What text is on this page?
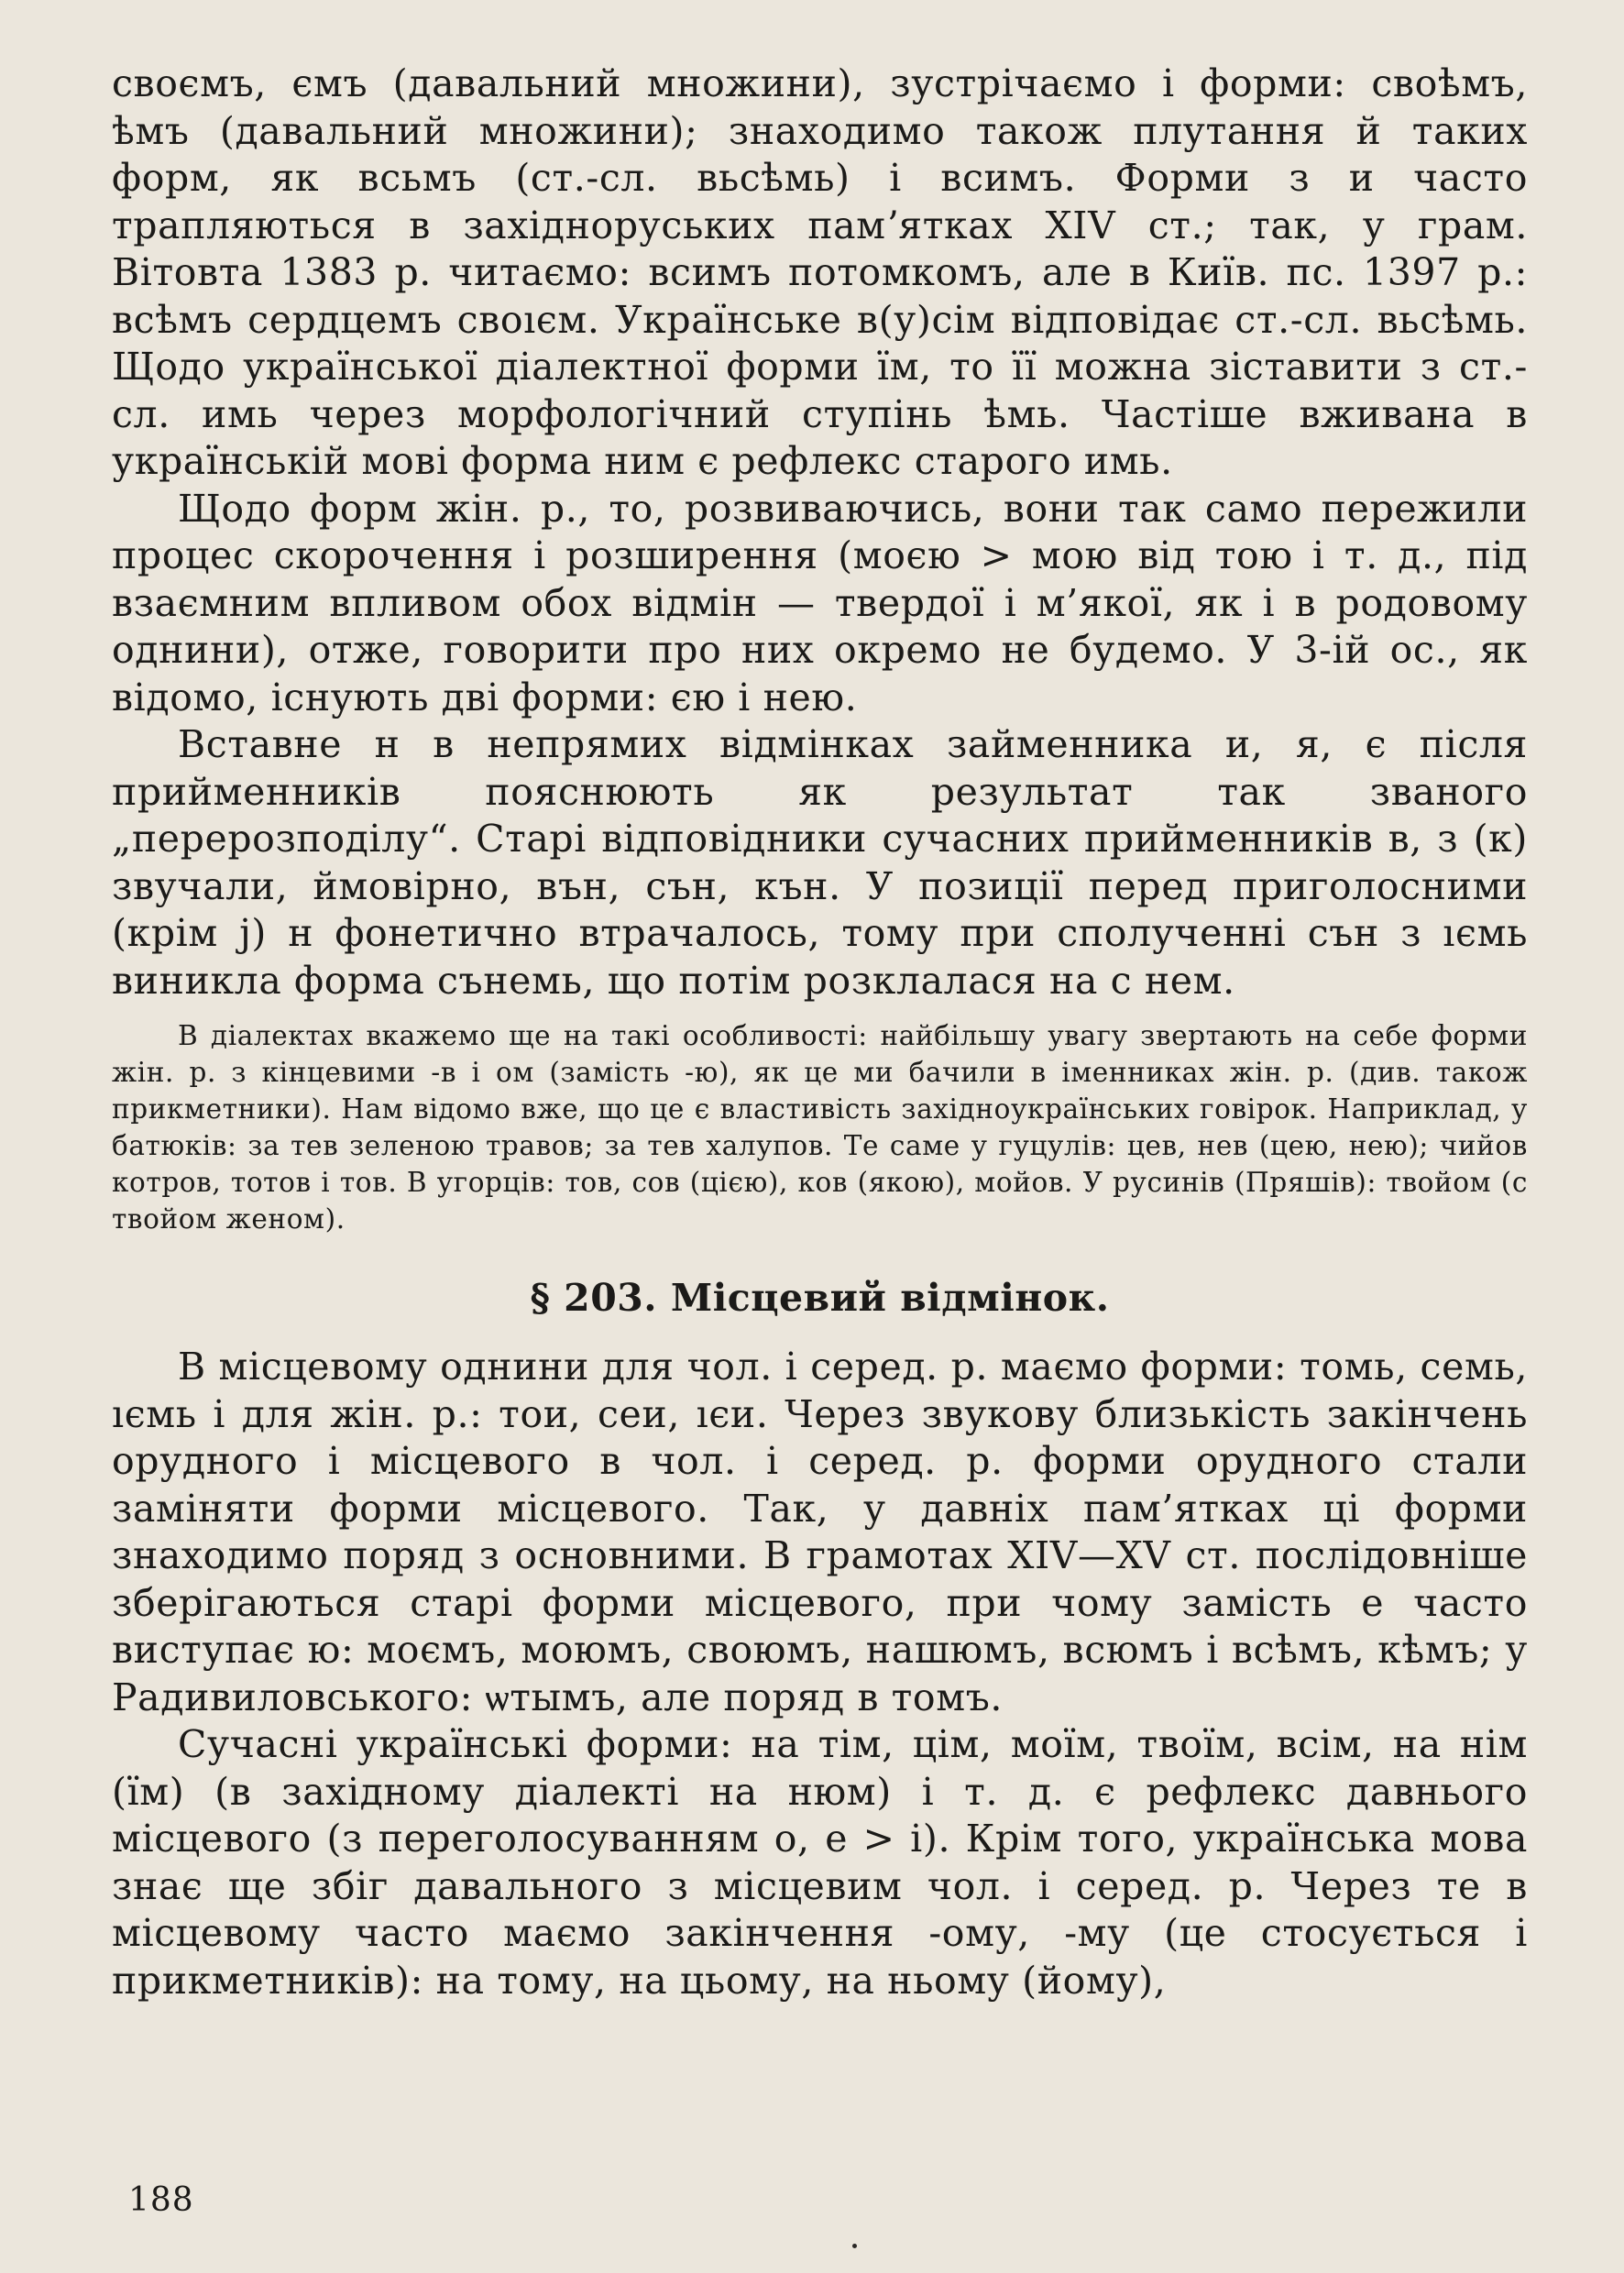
своємъ, ємъ (давальний множини), зустрічаємо і форми: своѣмъ, ѣмъ (давальний множини); знаходимо також плутання й таких форм, як всьмъ (ст.-сл. вьсѣмь) і всимъ. Форми з и часто трапляються в західноруських памʼятках XIV ст.; так, у грам. Вітовта 1383 р. читаємо: всимъ потомкомъ, але в Київ. пс. 1397 р.: всѣмъ сердцемъ своıєм. Українське в(у)сім відповідає ст.-сл. вьсѣмь. Щодо української діалектної форми їм, то її можна зіставити з ст.-сл. имь через морфологічний ступінь ѣмь. Частіше вживана в українській мові форма ним є рефлекс старого имь.

Щодо форм жін. р., то, розвиваючись, вони так само пережили процес скорочення і розширення (моєю > мою від тою і т. д., під взаємним впливом обох відмін — твердої і м’якої, як і в родовому однини), отже, говорити про них окремо не будемо. У 3-ій ос., як відомо, існують дві форми: єю і нею.

Вставне н в непрямих відмінках займенника и, я, є після прийменників пояснюють як результат так званого „перерозподілу“. Старі відповідники сучасних прийменників в, з (к) звучали, ймовірно, вън, сън, кън. У позиції перед приголосними (крім j) н фонетично втрачалось, тому при сполученні сън з ıємь виникла форма сънемь, що потім розклалася на с нем.

В діалектах вкажемо ще на такі особливості: найбільшу увагу звертають на себе форми жін. р. з кінцевими -в і ом (замість -ю), як це ми бачили в іменниках жін. р. (див. також прикметники). Нам відомо вже, що це є властивість західноукраїнських говірок. Наприклад, у батюків: за тев зеленою травов; за тев халупов. Те саме у гуцулів: цев, нев (цею, нею); чийов котров, тотов і тов. В угорців: тов, сов (цією), ков (якою), мойов. У русинів (Пряшів): твойом (с твойом женом).

§ 203. Місцевий відмінок.

В місцевому однини для чол. і серед. р. маємо форми: томь, семь, ıємь і для жін. р.: тои, сеи, ıєи. Через звукову близькість закінчень орудного і місцевого в чол. і серед. р. форми орудного стали заміняти форми місцевого. Так, у давніх пам’ятках ці форми знаходимо поряд з основними. В грамотах XIV—XV ст. послідовніше зберігаються старі форми місцевого, при чому замість е часто виступає ю: моємъ, моюмъ, своюмъ, нашюмъ, всюмъ і всѣмъ, кѣмъ; у Радивиловського: ѡтымъ, але поряд в томъ.

Сучасні українські форми: на тім, цім, моїм, твоїм, всім, на нім (їм) (в західному діалекті на нюм) і т. д. є рефлекс давнього місцевого (з переголосуванням о, е > і). Крім того, українська мова знає ще збіг давального з місцевим чол. і серед. р. Через те в місцевому часто маємо закінчення -ому, -му (це стосується і прикметників): на тому, на цьому, на ньому (йому),

188
